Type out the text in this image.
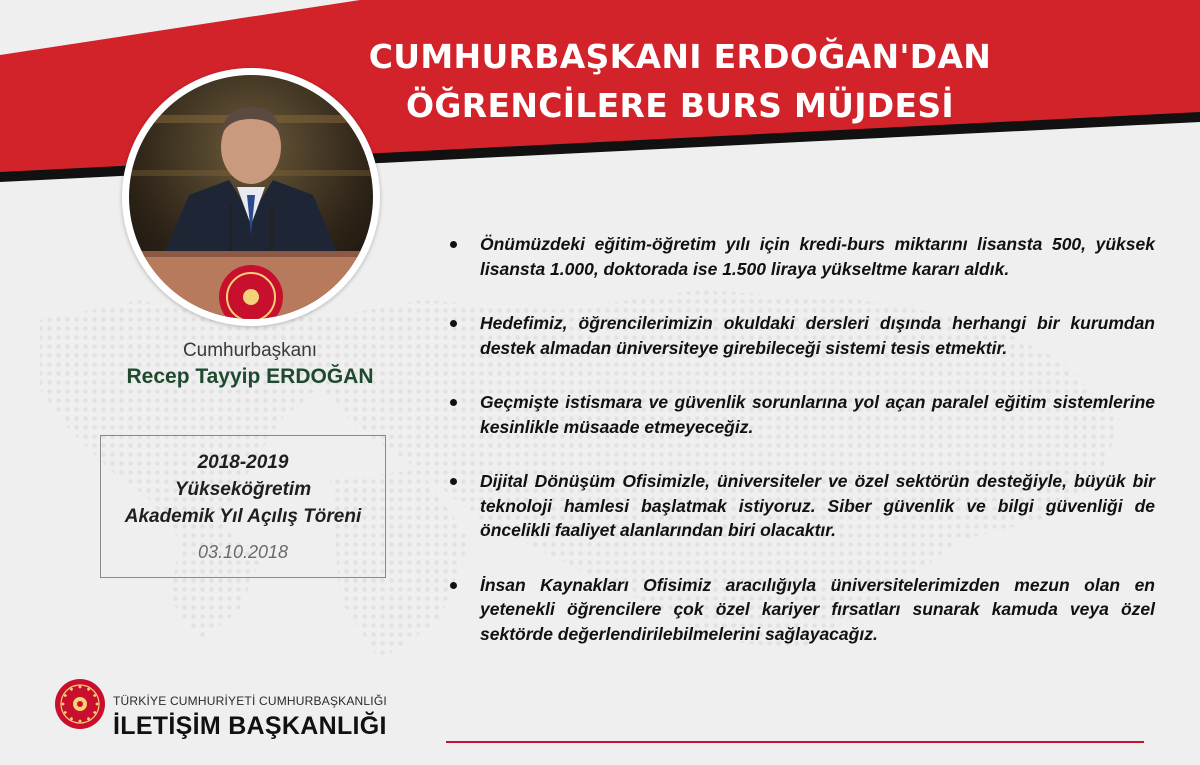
CUMHURBAŞKANI ERDOĞAN'DAN
ÖĞRENCİLERE BURS MÜJDESİ
Cumhurbaşkanı
Recep Tayyip ERDOĞAN
2018-2019
Yükseköğretim
Akademik Yıl Açılış Töreni
03.10.2018
Önümüzdeki eğitim-öğretim yılı için kredi-burs miktarını lisansta 500, yüksek lisansta 1.000, doktorada ise 1.500 liraya yükseltme kararı aldık.
Hedefimiz, öğrencilerimizin okuldaki dersleri dışında herhangi bir kurumdan destek almadan üniversiteye girebileceği sistemi tesis etmektir.
Geçmişte istismara ve güvenlik sorunlarına yol açan paralel eğitim sistemlerine kesinlikle müsaade etmeyeceğiz.
Dijital Dönüşüm Ofisimizle, üniversiteler ve özel sektörün desteğiyle, büyük bir teknoloji hamlesi başlatmak istiyoruz. Siber güvenlik ve bilgi güvenliği de öncelikli faaliyet alanlarından biri olacaktır.
İnsan Kaynakları Ofisimiz aracılığıyla üniversitelerimizden mezun olan en yetenekli öğrencilere çok özel kariyer fırsatları sunarak kamuda veya özel sektörde değerlendirilebilmelerini sağlayacağız.
TÜRKİYE CUMHURİYETİ CUMHURBAŞKANLIĞI
İLETİŞİM BAŞKANLIĞI
